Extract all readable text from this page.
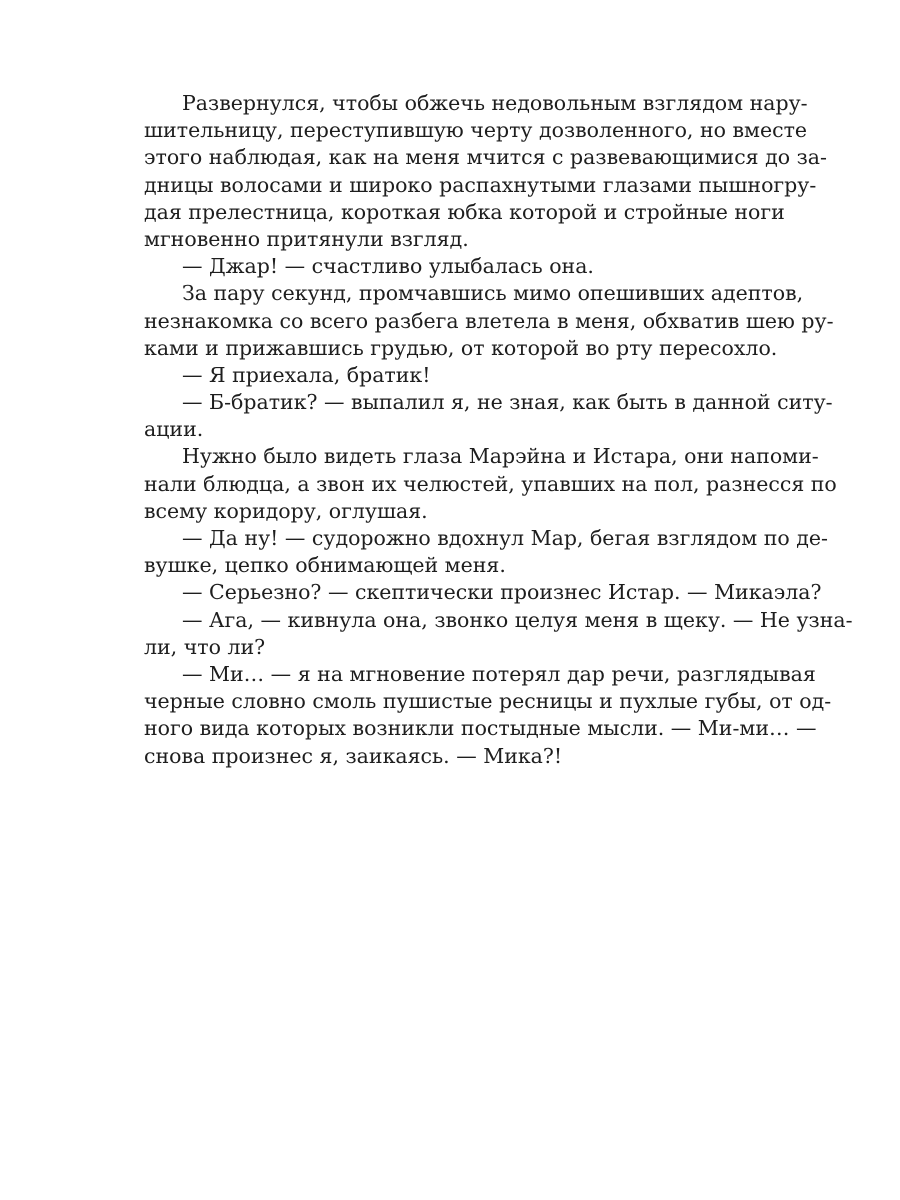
Развернулся, чтобы обжечь недовольным взглядом нару-
шительницу, переступившую черту дозволенного, но вместе
этого наблюдая, как на меня мчится с развевающимися до за-
дницы волосами и широко распахнутыми глазами пышногру-
дая прелестница, короткая юбка которой и стройные ноги
мгновенно притянули взгляд.
— Джар! — счастливо улыбалась она.
За пару секунд, промчавшись мимо опешивших адептов,
незнакомка со всего разбега влетела в меня, обхватив шею ру-
ками и прижавшись грудью, от которой во рту пересохло.
— Я приехала, братик!
— Б-братик? — выпалил я, не зная, как быть в данной ситу-
ации.
Нужно было видеть глаза Марэйна и Истара, они напоми-
нали блюдца, а звон их челюстей, упавших на пол, разнесся по
всему коридору, оглушая.
— Да ну! — судорожно вдохнул Мар, бегая взглядом по де-
вушке, цепко обнимающей меня.
— Серьезно? — скептически произнес Истар. — Микаэла?
— Ага, — кивнула она, звонко целуя меня в щеку. — Не узна-
ли, что ли?
— Ми… — я на мгновение потерял дар речи, разглядывая
черные словно смоль пушистые ресницы и пухлые губы, от од-
ного вида которых возникли постыдные мысли. — Ми-ми… —
снова произнес я, заикаясь. — Мика?!
